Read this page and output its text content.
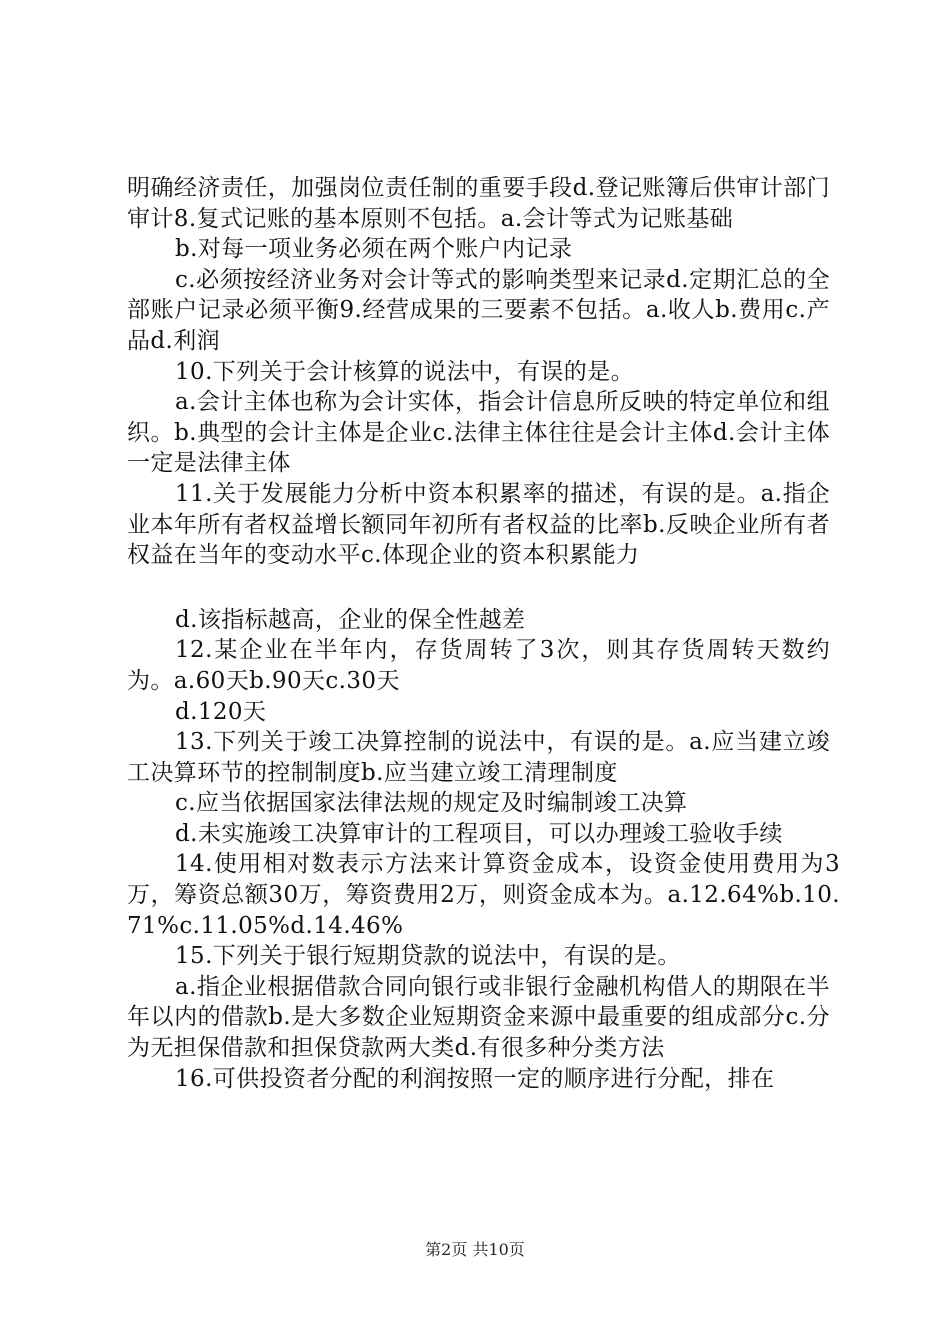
明确经济责任，加强岗位责任制的重要手段d.登记账簿后供审计部门审计8.复式记账的基本原则不包括。a.会计等式为记账基础

b.对每一项业务必须在两个账户内记录

c.必须按经济业务对会计等式的影响类型来记录d.定期汇总的全部账户记录必须平衡9.经营成果的三要素不包括。a.收人b.费用c.产品d.利润

10.下列关于会计核算的说法中，有误的是。

a.会计主体也称为会计实体，指会计信息所反映的特定单位和组织。b.典型的会计主体是企业c.法律主体往往是会计主体d.会计主体一定是法律主体

11.关于发展能力分析中资本积累率的描述，有误的是。a.指企业本年所有者权益增长额同年初所有者权益的比率b.反映企业所有者权益在当年的变动水平c.体现企业的资本积累能力

d.该指标越高，企业的保全性越差

12.某企业在半年内，存货周转了3次，则其存货周转天数约为。a.60天b.90天c.30天

d.120天

13.下列关于竣工决算控制的说法中，有误的是。a.应当建立竣工决算环节的控制制度b.应当建立竣工清理制度

c.应当依据国家法律法规的规定及时编制竣工决算

d.未实施竣工决算审计的工程项目，可以办理竣工验收手续

14.使用相对数表示方法来计算资金成本，设资金使用费用为3万，筹资总额30万，筹资费用2万，则资金成本为。a.12.64%b.10.71%c.11.05%d.14.46%

15.下列关于银行短期贷款的说法中，有误的是。

a.指企业根据借款合同向银行或非银行金融机构借人的期限在半年以内的借款b.是大多数企业短期资金来源中最重要的组成部分c.分为无担保借款和担保贷款两大类d.有很多种分类方法

16.可供投资者分配的利润按照一定的顺序进行分配，排在

第2页 共10页
